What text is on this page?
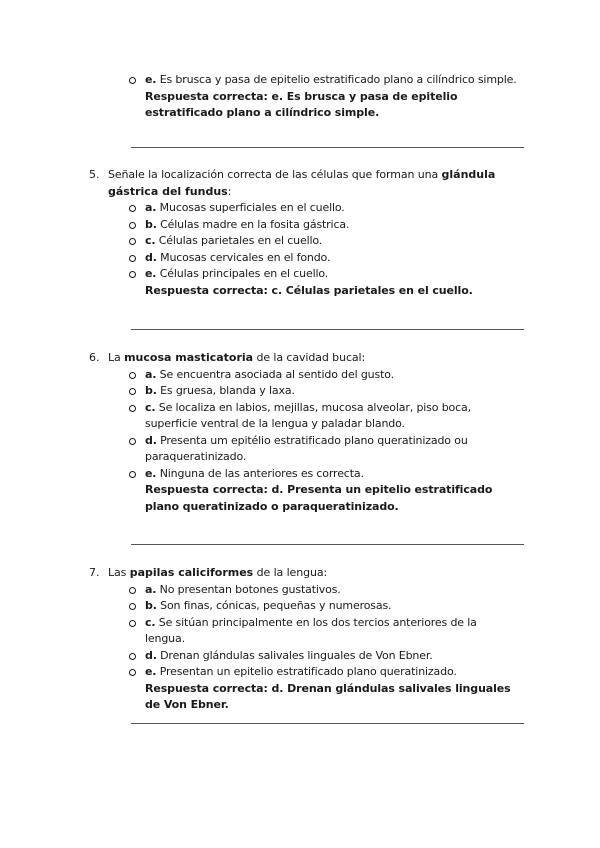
e. Es brusca y pasa de epitelio estratificado plano a cilíndrico simple.
Respuesta correcta: e. Es brusca y pasa de epitelio estratificado plano a cilíndrico simple.
5. Señale la localización correcta de las células que forman una glándula gástrica del fundus:
a. Mucosas superficiales en el cuello.
b. Células madre en la fosita gástrica.
c. Células parietales en el cuello.
d. Mucosas cervicales en el fondo.
e. Células principales en el cuello.
Respuesta correcta: c. Células parietales en el cuello.
6. La mucosa masticatoria de la cavidad bucal:
a. Se encuentra asociada al sentido del gusto.
b. Es gruesa, blanda y laxa.
c. Se localiza en labios, mejillas, mucosa alveolar, piso boca, superficie ventral de la lengua y paladar blando.
d. Presenta um epitélio estratificado plano queratinizado ou paraqueratinizado.
e. Ninguna de las anteriores es correcta.
Respuesta correcta: d. Presenta un epitelio estratificado plano queratinizado o paraqueratinizado.
7. Las papilas caliciformes de la lengua:
a. No presentan botones gustativos.
b. Son finas, cónicas, pequeñas y numerosas.
c. Se sitúan principalmente en los dos tercios anteriores de la lengua.
d. Drenan glándulas salivales linguales de Von Ebner.
e. Presentan un epitelio estratificado plano queratinizado.
Respuesta correcta: d. Drenan glándulas salivales linguales de Von Ebner.
